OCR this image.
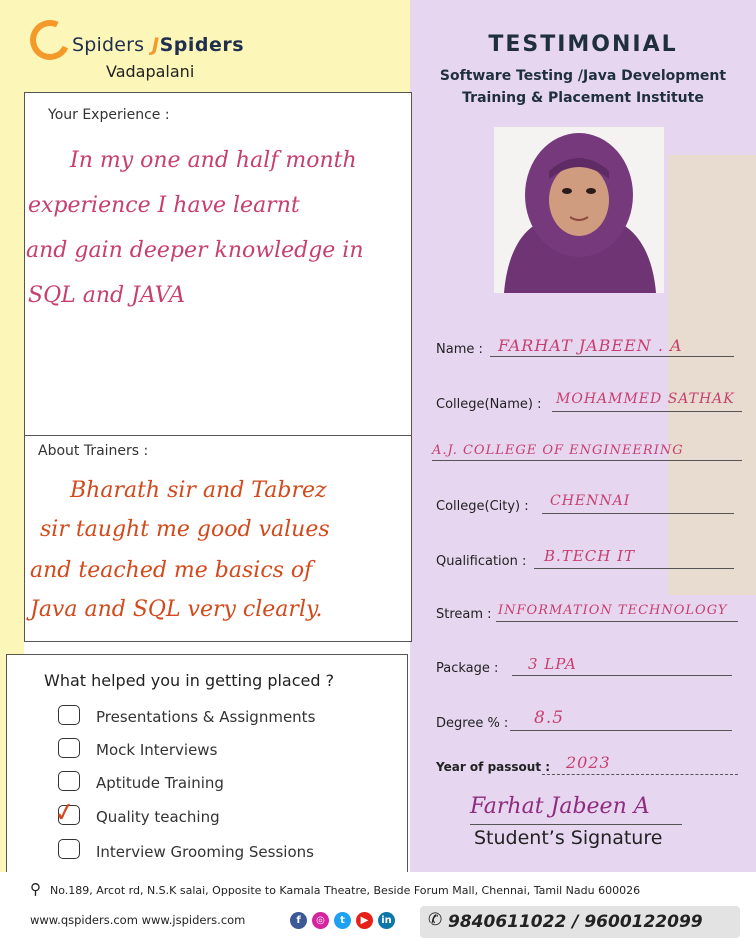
Spiders JSpiders
Vadapalani
Your Experience :
In my one and half month
experience I have learnt
and gain deeper knowledge in
SQL and JAVA
About Trainers :
Bharath sir and Tabrez
sir taught me good values
and teached me basics of
Java and SQL very clearly.
What helped you in getting placed ?
Presentations & Assignments
Mock Interviews
Aptitude Training
✓ Quality teaching
Interview Grooming Sessions
TESTIMONIAL
Software Testing /Java Development
Training & Placement Institute
Name : FARHAT JABEEN . A
College(Name) : MOHAMMED SATHAK
A.J. COLLEGE OF ENGINEERING
College(City) : CHENNAI
Qualification : B.TECH IT
Stream : INFORMATION TECHNOLOGY
Package : 3 LPA
Degree % : 8.5
Year of passout : 2023
Farhat Jabeen A
Student’s Signature
⚲ No.189, Arcot rd, N.S.K salai, Opposite to Kamala Theatre, Beside Forum Mall, Chennai, Tamil Nadu 600026
www.qspiders.com www.jspiders.com	f	◎	t	▶	in ✆ 9840611022 / 9600122099
